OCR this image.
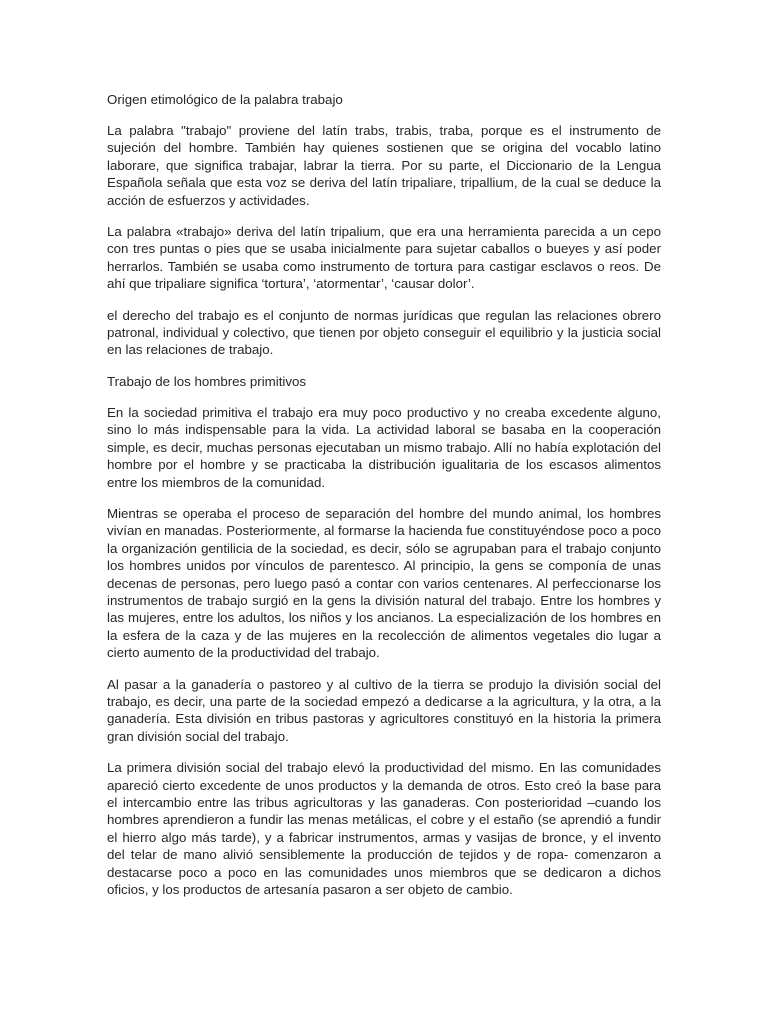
Origen etimológico de la palabra trabajo

La palabra "trabajo" proviene del latín trabs, trabis, traba, porque es el instrumento de sujeción del hombre. También hay quienes sostienen que se origina del vocablo latino laborare, que significa trabajar, labrar la tierra. Por su parte, el Diccionario de la Lengua Española señala que esta voz se deriva del latín tripaliare, tripallium, de la cual se deduce la acción de esfuerzos y actividades.

La palabra «trabajo» deriva del latín tripalium, que era una herramienta parecida a un cepo con tres puntas o pies que se usaba inicialmente para sujetar caballos o bueyes y así poder herrarlos. También se usaba como instrumento de tortura para castigar esclavos o reos. De ahí que tripaliare significa ‘tortura’, ‘atormentar’, ‘causar dolor’.

el derecho del trabajo es el conjunto de normas jurídicas que regulan las relaciones obrero patronal, individual y colectivo, que tienen por objeto conseguir el equilibrio y la justicia social en las relaciones de trabajo.

Trabajo de los hombres primitivos

En la sociedad primitiva el trabajo era muy poco productivo y no creaba excedente alguno, sino lo más indispensable para la vida. La actividad laboral se basaba en la cooperación simple, es decir, muchas personas ejecutaban un mismo trabajo. Allí no había explotación del hombre por el hombre y se practicaba la distribución igualitaria de los escasos alimentos entre los miembros de la comunidad.

Mientras se operaba el proceso de separación del hombre del mundo animal, los hombres vivían en manadas. Posteriormente, al formarse la hacienda fue constituyéndose poco a poco la organización gentilicia de la sociedad, es decir, sólo se agrupaban para el trabajo conjunto los hombres unidos por vínculos de parentesco. Al principio, la gens se componía de unas decenas de personas, pero luego pasó a contar con varios centenares. Al perfeccionarse los instrumentos de trabajo surgió en la gens la división natural del trabajo. Entre los hombres y las mujeres, entre los adultos, los niños y los ancianos. La especialización de los hombres en la esfera de la caza y de las mujeres en la recolección de alimentos vegetales dio lugar a cierto aumento de la productividad del trabajo.

Al pasar a la ganadería o pastoreo y al cultivo de la tierra se produjo la división social del trabajo, es decir, una parte de la sociedad empezó a dedicarse a la agricultura, y la otra, a la ganadería. Esta división en tribus pastoras y agricultores constituyó en la historia la primera gran división social del trabajo.

La primera división social del trabajo elevó la productividad del mismo. En las comunidades apareció cierto excedente de unos productos y la demanda de otros. Esto creó la base para el intercambio entre las tribus agricultoras y las ganaderas. Con posterioridad –cuando los hombres aprendieron a fundir las menas metálicas, el cobre y el estaño (se aprendió a fundir el hierro algo más tarde), y a fabricar instrumentos, armas y vasijas de bronce, y el invento del telar de mano alivió sensiblemente la producción de tejidos y de ropa- comenzaron a destacarse poco a poco en las comunidades unos miembros que se dedicaron a dichos oficios, y los productos de artesanía pasaron a ser objeto de cambio.
